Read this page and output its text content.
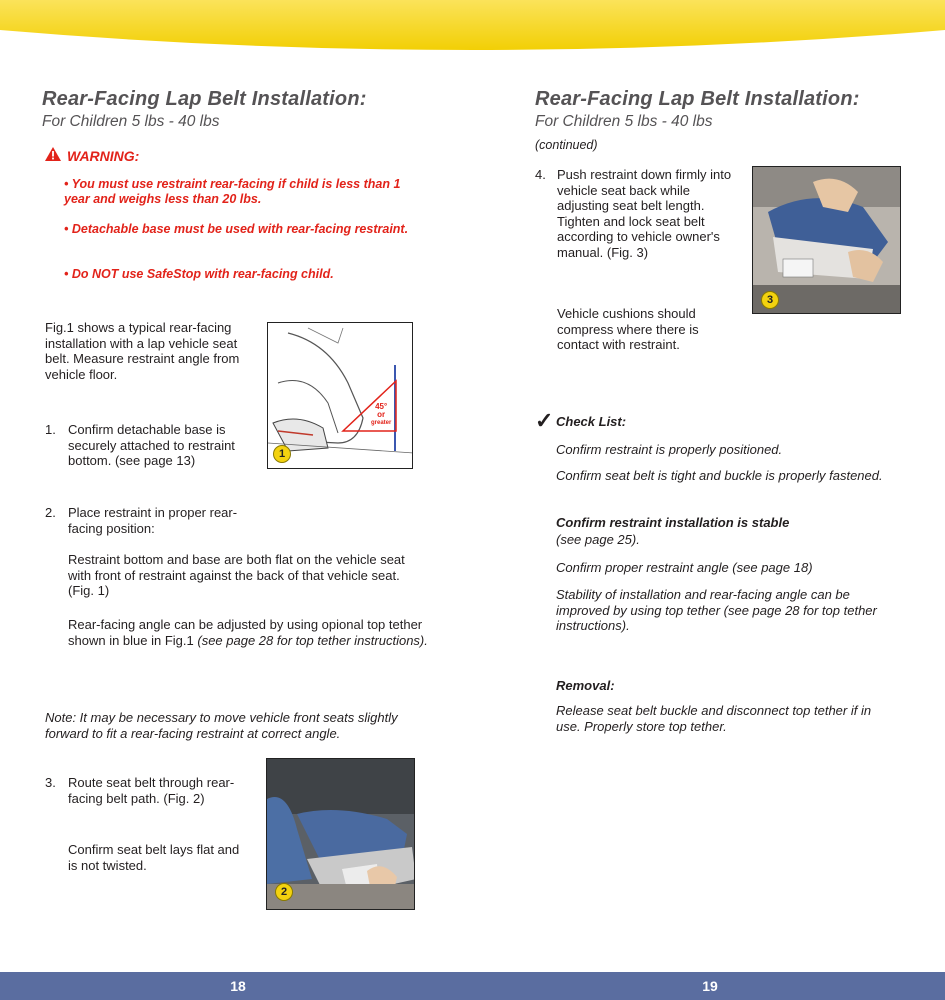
Rear-Facing Lap Belt Installation:
For Children 5 lbs - 40 lbs
WARNING:
• You must use restraint rear-facing if child is less than 1 year and weighs less than 20 lbs.
• Detachable base must be used with rear-facing restraint.
• Do NOT use SafeStop with rear-facing child.
Fig.1 shows a typical rear-facing installation with a lap vehicle seat belt. Measure restraint angle from vehicle floor.
45°
or
greater
1
1. Confirm detachable base is securely attached to restraint bottom. (see page 13)
2. Place restraint in proper rear-facing position:
Restraint bottom and base are both flat on the vehicle seat with front of restraint against the back of that vehicle seat. (Fig. 1)
Rear-facing angle can be adjusted by using opional top tether shown in blue in Fig.1 (see page 28 for top tether instructions).
Note: It may be necessary to move vehicle front seats slightly forward to fit a rear-facing restraint at correct angle.
3. Route seat belt through rear-facing belt path. (Fig. 2)
Confirm seat belt lays flat and is not twisted.
2
Rear-Facing Lap Belt Installation:
For Children 5 lbs - 40 lbs
(continued)
4. Push restraint down firmly into vehicle seat back while adjusting seat belt length. Tighten and lock seat belt according to vehicle owner's manual. (Fig. 3)
Vehicle cushions should compress where there is contact with restraint.
3
✓ Check List:
Confirm restraint is properly positioned.
Confirm seat belt is tight and buckle is properly fastened.
Confirm restraint installation is stable
(see page 25).
Confirm proper restraint angle (see page 18)
Stability of installation and rear-facing angle can be improved by using top tether (see page 28 for top tether instructions).
Removal:
Release seat belt buckle and disconnect top tether if in use. Properly store top tether.
18	19
